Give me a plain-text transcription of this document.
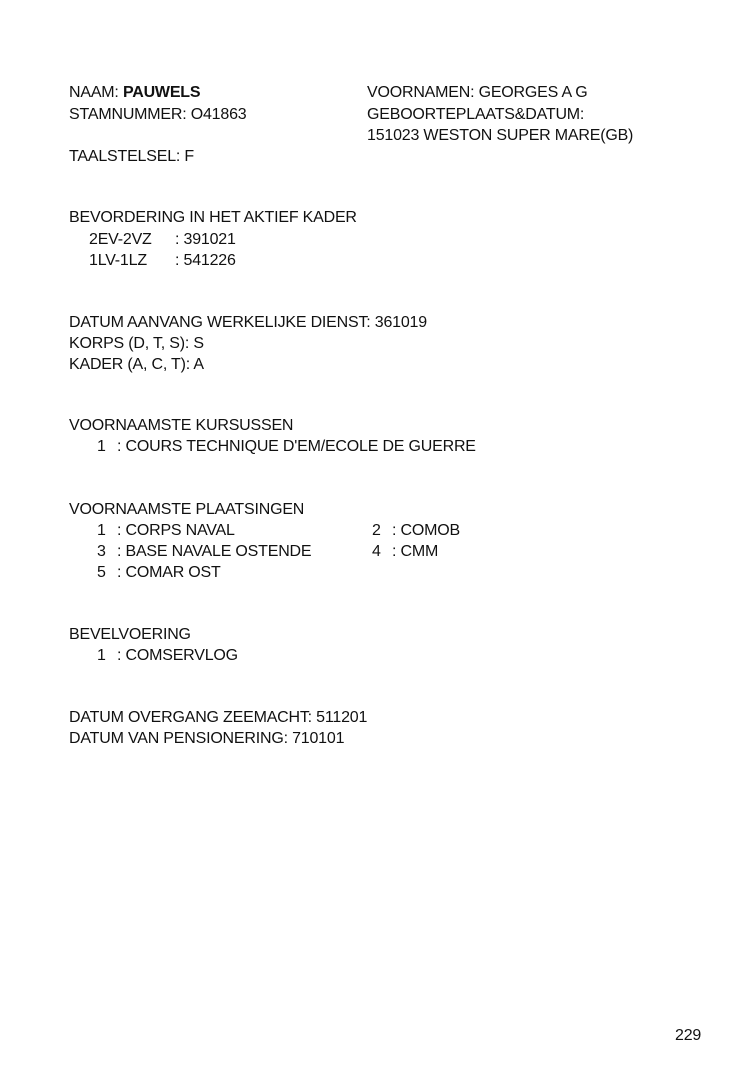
NAAM: PAUWELS
STAMNUMMER: O41863
TAALSTELSEL: F
VOORNAMEN: GEORGES A G
GEBOORTEPLAATS&DATUM:
151023 WESTON SUPER MARE(GB)
BEVORDERING IN HET AKTIEF KADER
2EV-2VZ : 391021
1LV-1LZ : 541226
DATUM AANVANG WERKELIJKE DIENST: 361019
KORPS (D, T, S): S
KADER (A, C, T): A
VOORNAAMSTE KURSUSSEN
1 : COURS TECHNIQUE D'EM/ECOLE DE GUERRE
VOORNAAMSTE PLAATSINGEN
1 : CORPS NAVAL	2 : COMOB
3 : BASE NAVALE OSTENDE	4 : CMM
5 : COMAR OST
BEVELVOERING
1 : COMSERVLOG
DATUM OVERGANG ZEEMACHT: 511201
DATUM VAN PENSIONERING: 710101
229
